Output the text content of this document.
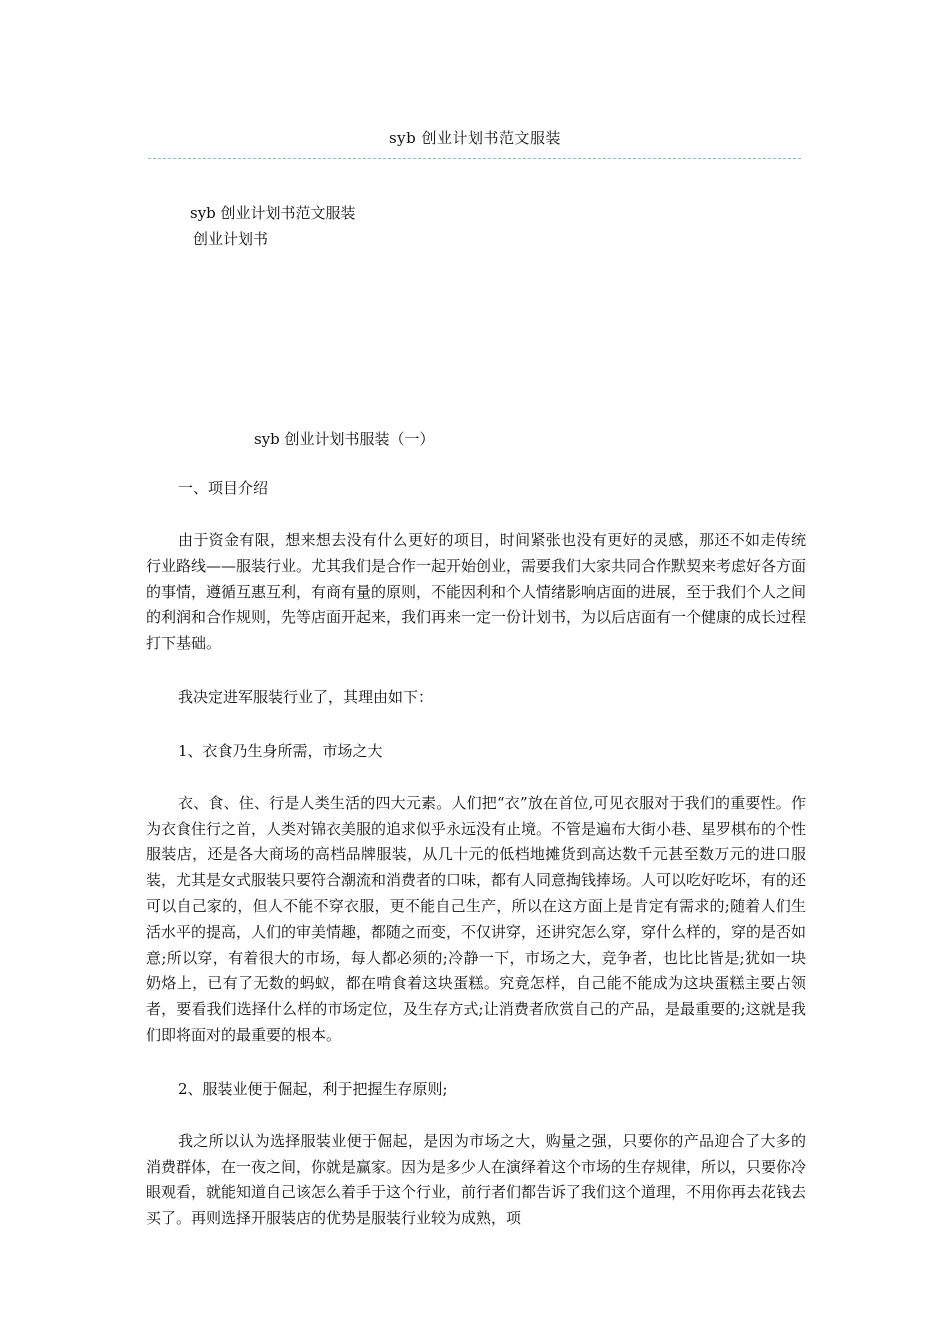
syb 创业计划书范文服装
syb 创业计划书范文服装
创业计划书
syb 创业计划书服装（一）
一、项目介绍
由于资金有限，想来想去没有什么更好的项目，时间紧张也没有更好的灵感，那还不如走传统行业路线——服装行业。尤其我们是合作一起开始创业，需要我们大家共同合作默契来考虑好各方面的事情，遵循互惠互利，有商有量的原则，不能因利和个人情绪影响店面的进展，至于我们个人之间的利润和合作规则，先等店面开起来，我们再来一定一份计划书，为以后店面有一个健康的成长过程打下基础。
我决定进军服装行业了，其理由如下：
1、衣食乃生身所需，市场之大
衣、食、住、行是人类生活的四大元素。人们把“衣”放在首位,可见衣服对于我们的重要性。作为衣食住行之首，人类对锦衣美服的追求似乎永远没有止境。不管是遍布大街小巷、星罗棋布的个性服装店，还是各大商场的高档品牌服装，从几十元的低档地摊货到高达数千元甚至数万元的进口服装，尤其是女式服装只要符合潮流和消费者的口味，都有人同意掏钱捧场。人可以吃好吃坏，有的还可以自己家的，但人不能不穿衣服，更不能自己生产，所以在这方面上是肯定有需求的;随着人们生活水平的提高，人们的审美情趣，都随之而变，不仅讲穿，还讲究怎么穿，穿什么样的，穿的是否如意;所以穿，有着很大的市场，每人都必须的;冷静一下，市场之大，竞争者，也比比皆是;犹如一块奶烙上，已有了无数的蚂蚁，都在啃食着这块蛋糕。究竟怎样，自己能不能成为这块蛋糕主要占领者，要看我们选择什么样的市场定位，及生存方式;让消费者欣赏自己的产品，是最重要的;这就是我们即将面对的最重要的根本。
2、服装业便于倔起，利于把握生存原则;
我之所以认为选择服装业便于倔起，是因为市场之大，购量之强，只要你的产品迎合了大多的消费群体，在一夜之间，你就是赢家。因为是多少人在演绎着这个市场的生存规律，所以，只要你冷眼观看，就能知道自己该怎么着手于这个行业，前行者们都告诉了我们这个道理，不用你再去花钱去买了。再则选择开服装店的优势是服装行业较为成熟，项
